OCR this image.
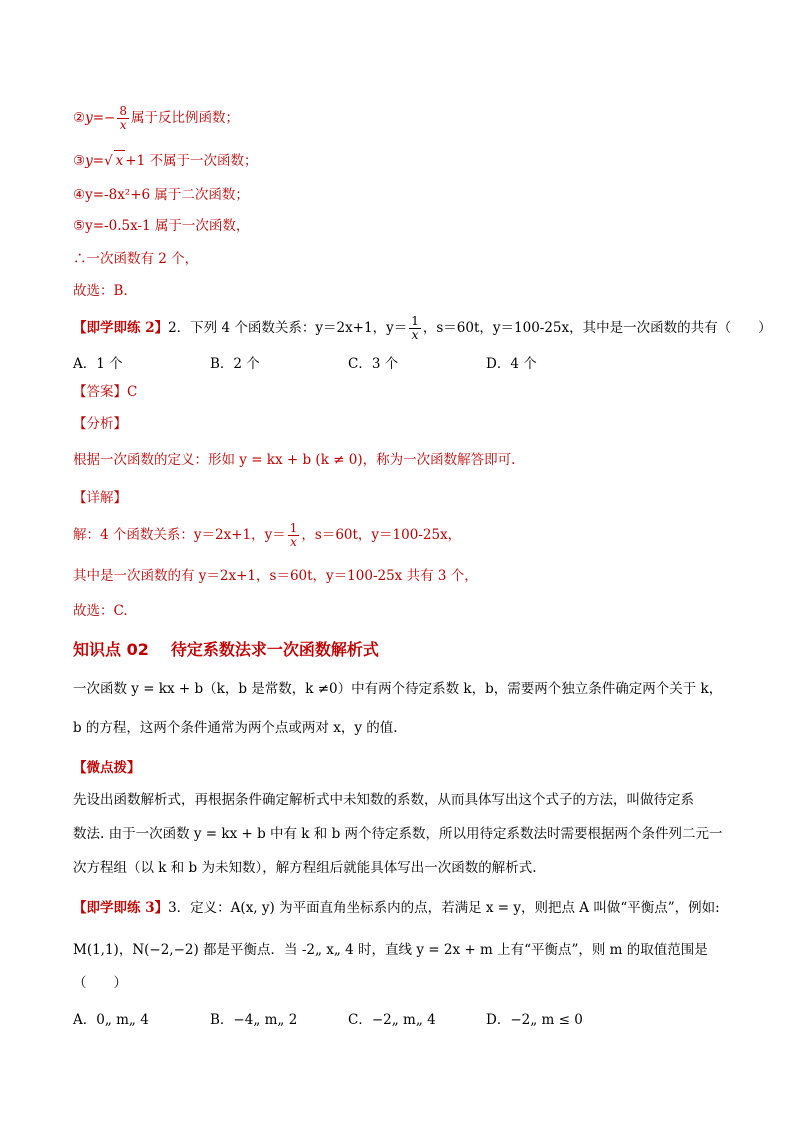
②y=− $\frac{8}{x}$ 属于反比例函数；
③y=√ x +1 不属于一次函数；
④y=-8x²+6 属于二次函数；
⑤y=-0.5x-1 属于一次函数，
∴一次函数有 2 个，
故选：B.
【即学即练 2】2．下列 4 个函数关系：y＝2x+1，$y= \frac{1}{x}$ ，s＝60t，y＝100-25x，其中是一次函数的共有（　　）
A．1 个	B．2 个	C．3 个	D．4 个
【答案】C
【分析】
根据一次函数的定义：形如 y = kx + b (k ≠ 0)，称为一次函数解答即可.
【详解】
解：4 个函数关系：y＝2x+1，$y= \frac{1}{x}$ ，s＝60t，y＝100-25x，
其中是一次函数的有 y＝2x+1，s＝60t，y＝100-25x 共有 3 个，
故选：C.
知识点 02 待定系数法求一次函数解析式
一次函数 y = kx + b（k，b 是常数，k ≠0）中有两个待定系数 k，b，需要两个独立条件确定两个关于 k，
b 的方程，这两个条件通常为两个点或两对 x，y 的值.
【微点拨】
先设出函数解析式，再根据条件确定解析式中未知数的系数，从而具体写出这个式子的方法，叫做待定系
数法. 由于一次函数 y = kx + b 中有 k 和 b 两个待定系数，所以用待定系数法时需要根据两个条件列二元一
次方程组（以 k 和 b 为未知数），解方程组后就能具体写出一次函数的解析式.
【即学即练 3】3．定义：A(x, y) 为平面直角坐标系内的点，若满足 x = y，则把点 A 叫做“平衡点”，例如:
M(1,1)，N(−2,−2) 都是平衡点．当 -2„ x„ 4 时，直线 y = 2x + m 上有“平衡点”，则 m 的取值范围是
（　　）
A．0„ m„ 4	B．−4„ m„ 2	C．−2„ m„ 4	D．−2„ m ≤ 0
